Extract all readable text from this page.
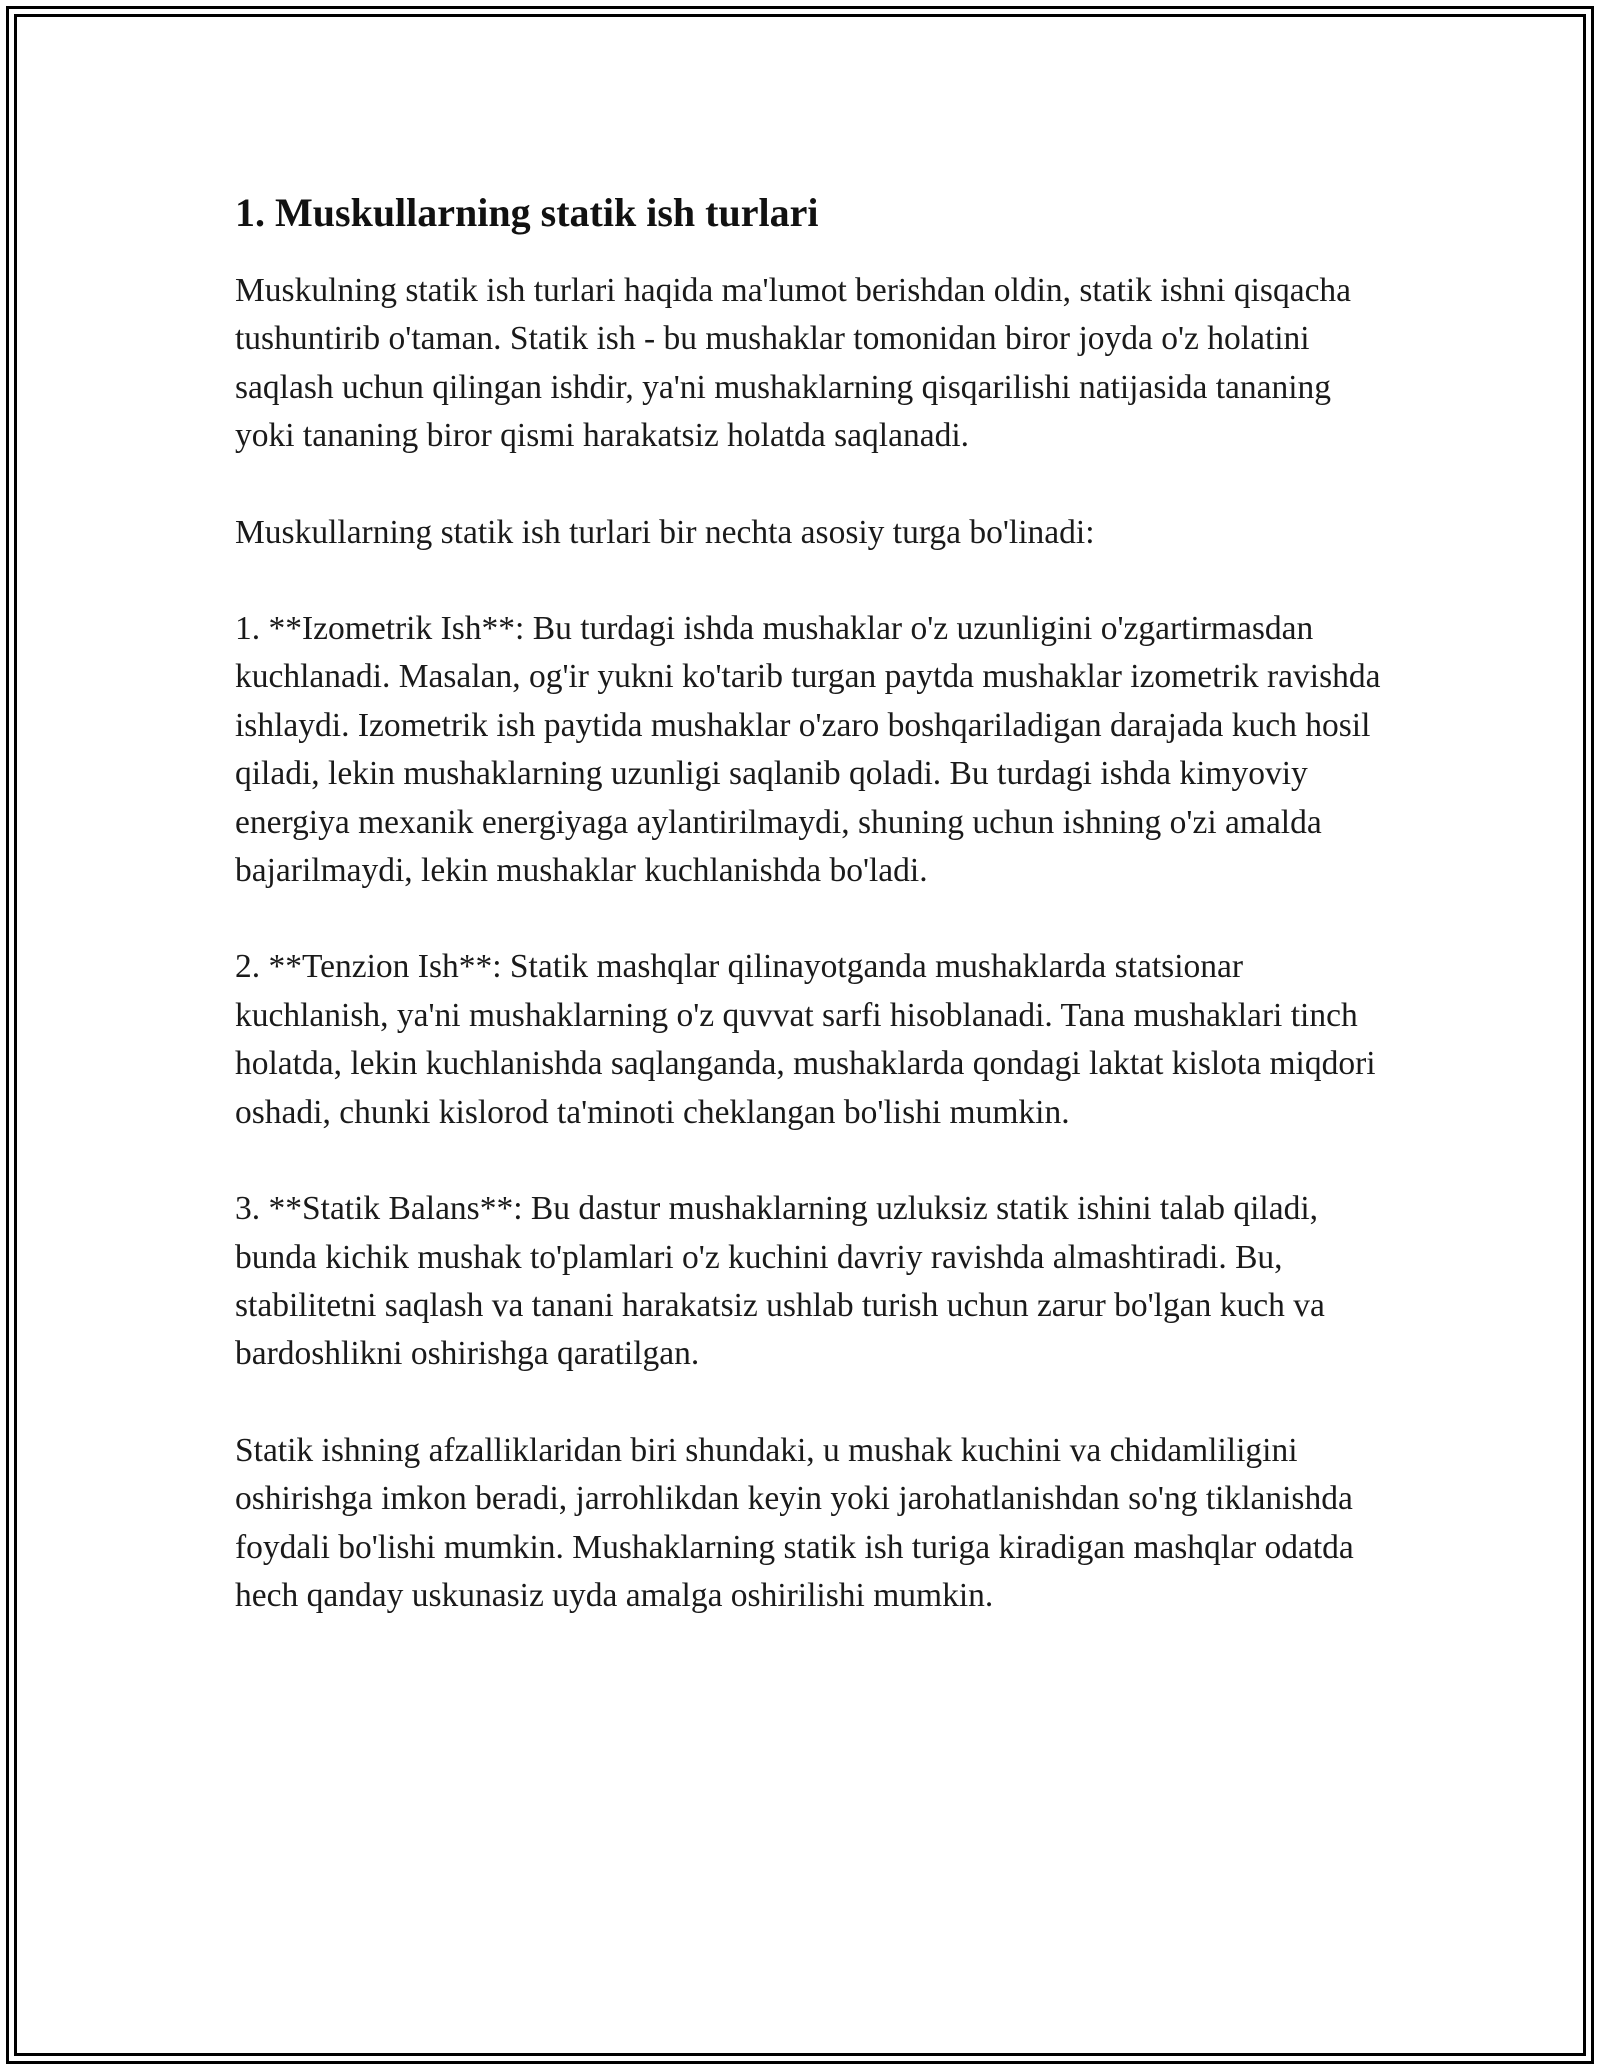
1. Muskullarning statik ish turlari

Muskulning statik ish turlari haqida ma'lumot berishdan oldin, statik ishni qisqacha tushuntirib o'taman. Statik ish - bu mushaklar tomonidan biror joyda o'z holatini saqlash uchun qilingan ishdir, ya'ni mushaklarning qisqarilishi natijasida tananing yoki tananing biror qismi harakatsiz holatda saqlanadi.

Muskullarning statik ish turlari bir nechta asosiy turga bo'linadi:

1. **Izometrik Ish**: Bu turdagi ishda mushaklar o'z uzunligini o'zgartirmasdan kuchlanadi. Masalan, og'ir yukni ko'tarib turgan paytda mushaklar izometrik ravishda ishlaydi. Izometrik ish paytida mushaklar o'zaro boshqariladigan darajada kuch hosil qiladi, lekin mushaklarning uzunligi saqlanib qoladi. Bu turdagi ishda kimyoviy energiya mexanik energiyaga aylantirilmaydi, shuning uchun ishning o'zi amalda bajarilmaydi, lekin mushaklar kuchlanishda bo'ladi.

2. **Tenzion Ish**: Statik mashqlar qilinayotganda mushaklarda statsionar kuchlanish, ya'ni mushaklarning o'z quvvat sarfi hisoblanadi. Tana mushaklari tinch holatda, lekin kuchlanishda saqlanganda, mushaklarda qondagi laktat kislota miqdori oshadi, chunki kislorod ta'minoti cheklangan bo'lishi mumkin.

3. **Statik Balans**: Bu dastur mushaklarning uzluksiz statik ishini talab qiladi, bunda kichik mushak to'plamlari o'z kuchini davriy ravishda almashtiradi. Bu, stabilitetni saqlash va tanani harakatsiz ushlab turish uchun zarur bo'lgan kuch va bardoshlikni oshirishga qaratilgan.

Statik ishning afzalliklaridan biri shundaki, u mushak kuchini va chidamliligini oshirishga imkon beradi, jarrohlikdan keyin yoki jarohatlanishdan so'ng tiklanishda foydali bo'lishi mumkin. Mushaklarning statik ish turiga kiradigan mashqlar odatda hech qanday uskunasiz uyda amalga oshirilishi mumkin.
